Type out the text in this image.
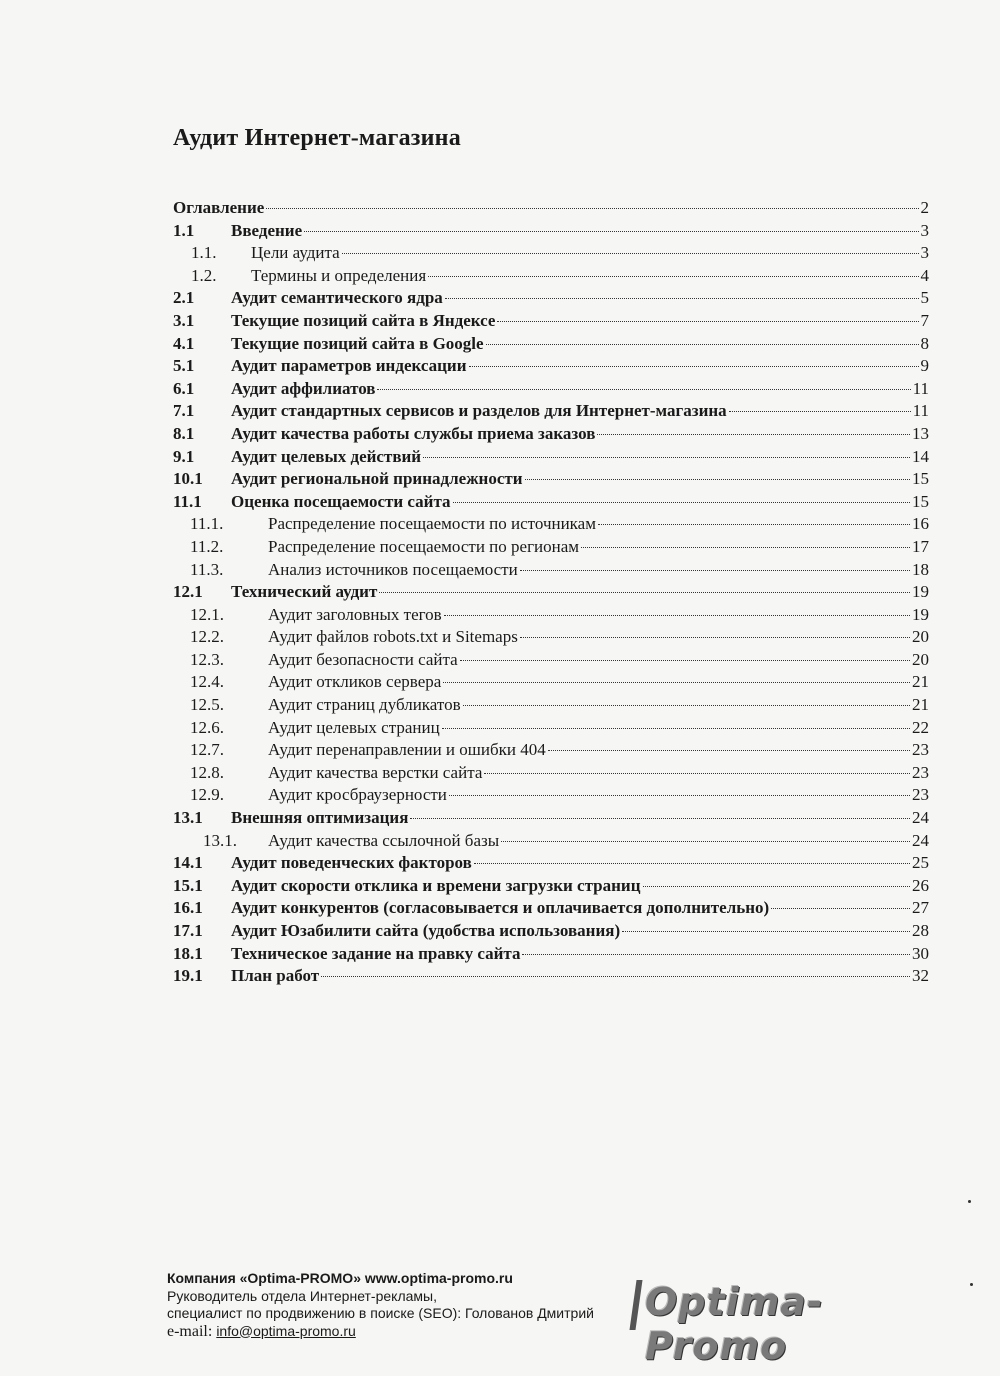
Аудит Интернет-магазина
Оглавление	2
1.1	Введение	3
1.1.	Цели аудита	3
1.2.	Термины и определения	4
2.1	Аудит семантического ядра	5
3.1	Текущие позиций сайта в Яндексе	7
4.1	Текущие позиций сайта в Google	8
5.1	Аудит параметров индексации	9
6.1	Аудит аффилиатов	11
7.1	Аудит стандартных сервисов и разделов для Интернет-магазина	11
8.1	Аудит качества работы службы приема заказов	13
9.1	Аудит целевых действий	14
10.1	Аудит региональной принадлежности	15
11.1	Оценка посещаемости сайта	15
11.1.	Распределение посещаемости по источникам	16
11.2.	Распределение посещаемости по регионам	17
11.3.	Анализ источников посещаемости	18
12.1	Технический аудит	19
12.1.	Аудит заголовных тегов	19
12.2.	Аудит файлов robots.txt и Sitemaps	20
12.3.	Аудит безопасности сайта	20
12.4.	Аудит откликов сервера	21
12.5.	Аудит страниц дубликатов	21
12.6.	Аудит целевых страниц	22
12.7.	Аудит перенаправлении и ошибки 404	23
12.8.	Аудит качества верстки сайта	23
12.9.	Аудит кросбраузерности	23
13.1	Внешняя оптимизация	24
13.1.	Аудит качества ссылочной базы	24
14.1	Аудит поведенческих факторов	25
15.1	Аудит скорости отклика и времени загрузки страниц	26
16.1	Аудит конкурентов (согласовывается и оплачивается дополнительно)	27
17.1	Аудит Юзабилити сайта (удобства использования)	28
18.1	Техническое задание на правку сайта	30
19.1	План работ	32
Компания «Optima-PROMO» www.optima-promo.ru
Руководитель отдела Интернет-рекламы,
специалист по продвижению в поиске (SEO): Голованов Дмитрий
e-mail: info@optima-promo.ru
Optima-Promo
